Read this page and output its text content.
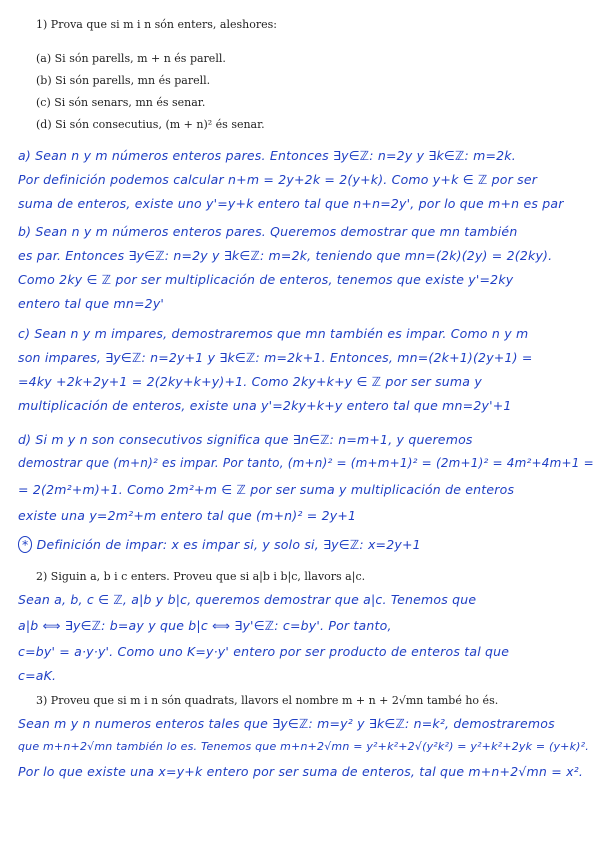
1) Prova que si m i n són enters, aleshores:
(a) Si són parells, m + n és parell.
(b) Si són parells, mn és parell.
(c) Si són senars, mn és senar.
(d) Si són consecutius, (m + n)² és senar.
a) Sean n y m números enteros pares. Entonces ∃y∈ℤ: n=2y y ∃k∈ℤ: m=2k.
Por definición podemos calcular n+m = 2y+2k = 2(y+k). Como y+k ∈ ℤ por ser
suma de enteros, existe uno y'=y+k entero tal que n+n=2y', por lo que m+n es par
b) Sean n y m números enteros pares. Queremos demostrar que mn también
es par. Entonces ∃y∈ℤ: n=2y y ∃k∈ℤ: m=2k, teniendo que mn=(2k)(2y) = 2(2ky).
Como 2ky ∈ ℤ por ser multiplicación de enteros, tenemos que existe y'=2ky
entero tal que mn=2y'
c) Sean n y m impares, demostraremos que mn también es impar. Como n y m
son impares, ∃y∈ℤ: n=2y+1 y ∃k∈ℤ: m=2k+1. Entonces, mn=(2k+1)(2y+1) =
=4ky +2k+2y+1 = 2(2ky+k+y)+1. Como 2ky+k+y ∈ ℤ por ser suma y
multiplicación de enteros, existe una y'=2ky+k+y entero tal que mn=2y'+1
d) Si m y n son consecutivos significa que ∃n∈ℤ: n=m+1, y queremos
demostrar que (m+n)² es impar. Por tanto, (m+n)² = (m+m+1)² = (2m+1)² = 4m²+4m+1 =
= 2(2m²+m)+1. Como 2m²+m ∈ ℤ por ser suma y multiplicación de enteros
existe una y=2m²+m entero tal que (m+n)² = 2y+1
* Definición de impar: x es impar si, y solo si, ∃y∈ℤ: x=2y+1
2) Siguin a, b i c enters. Proveu que si a|b i b|c, llavors a|c.
Sean a, b, c ∈ ℤ, a|b y b|c, queremos demostrar que a|c. Tenemos que
a|b ⟺ ∃y∈ℤ: b=ay y que b|c ⟺ ∃y'∈ℤ: c=by'. Por tanto,
c=by' = a·y·y'. Como uno K=y·y' entero por ser producto de enteros tal que
c=aK.
3) Proveu que si m i n són quadrats, llavors el nombre m + n + 2√mn també ho és.
Sean m y n numeros enteros tales que ∃y∈ℤ: m=y² y ∃k∈ℤ: n=k², demostraremos
que m+n+2√mn también lo es. Tenemos que m+n+2√mn = y²+k²+2√(y²k²) = y²+k²+2yk = (y+k)².
Por lo que existe una x=y+k entero por ser suma de enteros, tal que m+n+2√mn = x².
